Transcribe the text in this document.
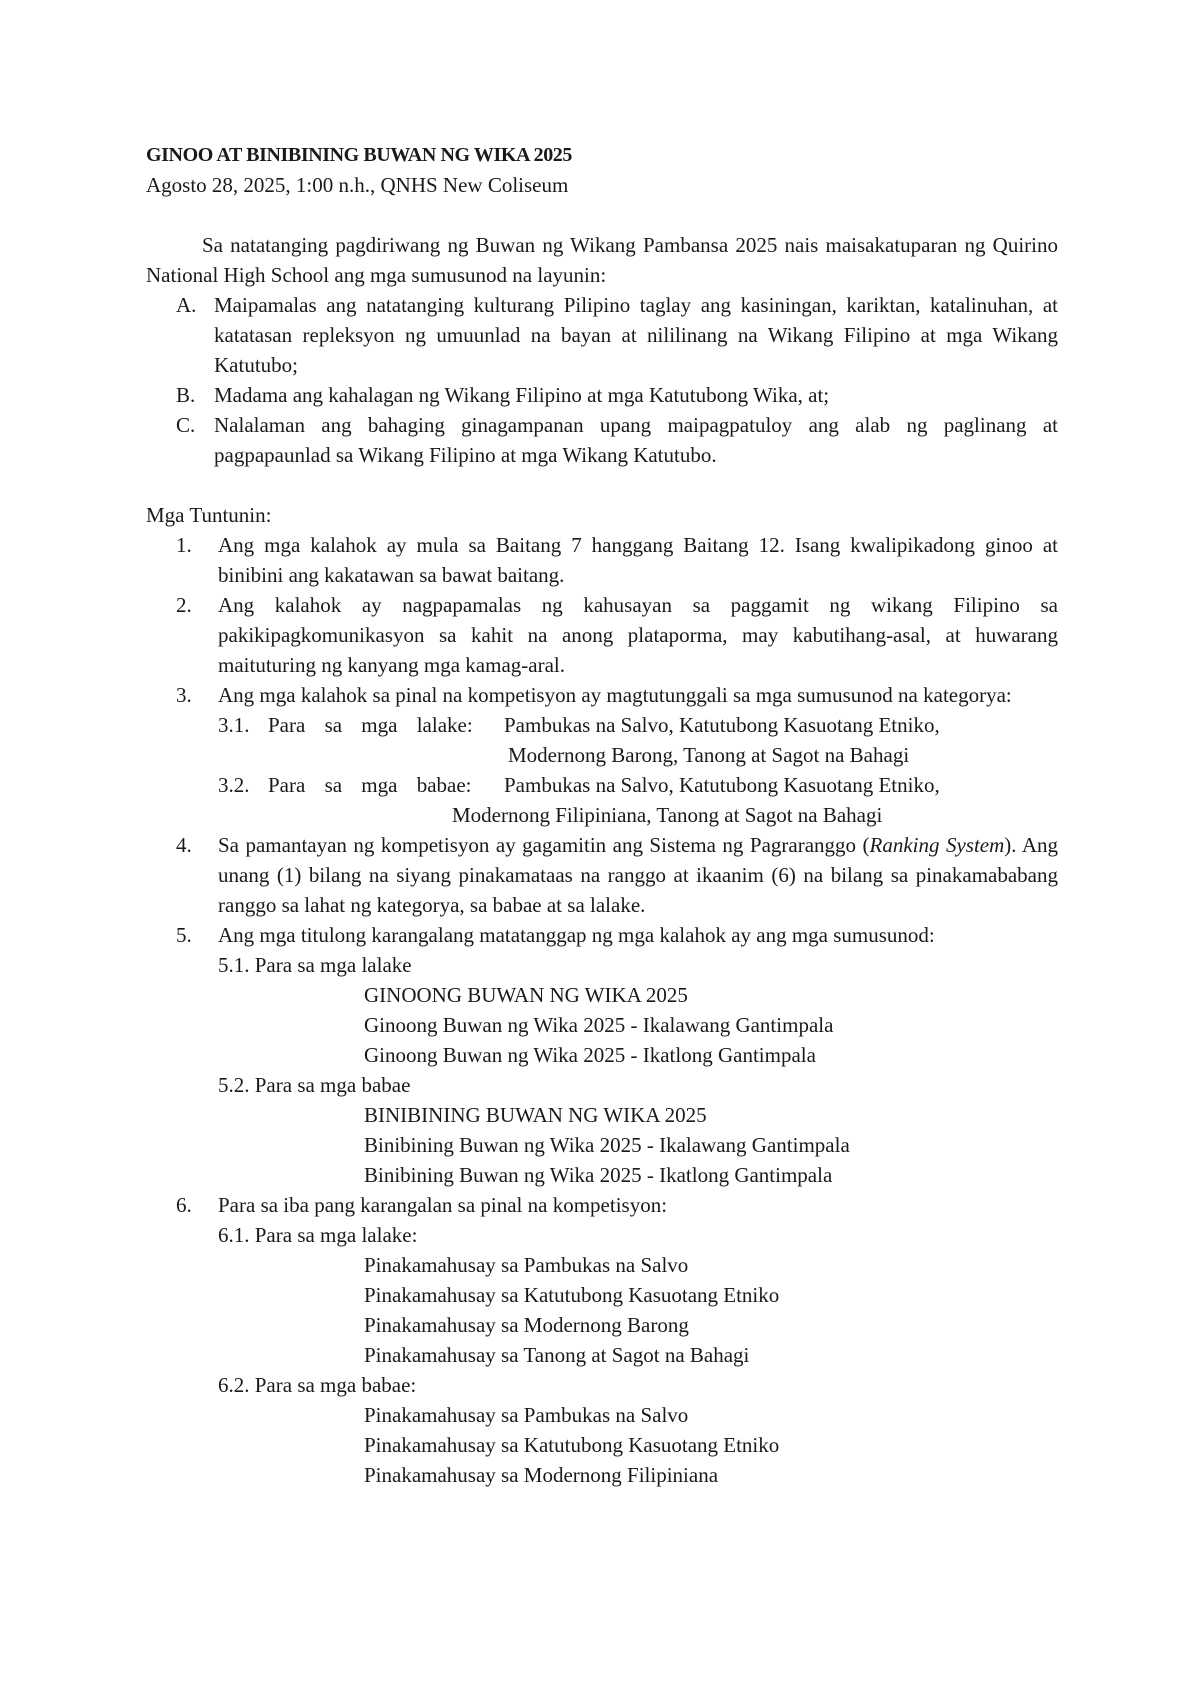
GINOO AT BINIBINING BUWAN NG WIKA 2025
Agosto 28, 2025, 1:00 n.h., QNHS New Coliseum
Sa natatanging pagdiriwang ng Buwan ng Wikang Pambansa 2025 nais maisakatuparan ng Quirino National High School ang mga sumusunod na layunin:
A. Maipamalas ang natatanging kulturang Pilipino taglay ang kasiningan, kariktan, katalinuhan, at katatasan repleksyon ng umuunlad na bayan at nililinang na Wikang Filipino at mga Wikang Katutubo;
B. Madama ang kahalagan ng Wikang Filipino at mga Katutubong Wika, at;
C. Nalalaman ang bahaging ginagampanan upang maipagpatuloy ang alab ng paglinang at pagpapaunlad sa Wikang Filipino at mga Wikang Katutubo.
Mga Tuntunin:
1.	Ang mga kalahok ay mula sa Baitang 7 hanggang Baitang 12. Isang kwalipikadong ginoo at binibini ang kakatawan sa bawat baitang.
2.	Ang kalahok ay nagpapamalas ng kahusayan sa paggamit ng wikang Filipino sa pakikipagkomunikasyon sa kahit na anong plataporma, may kabutihang-asal, at huwarang maituturing ng kanyang mga kamag-aral.
3.	Ang mga kalahok sa pinal na kompetisyon ay magtutunggali sa mga sumusunod na kategorya:
3.1. Para sa mga lalake:	Pambukas na Salvo, Katutubong Kasuotang Etniko,
Modernong Barong, Tanong at Sagot na Bahagi
3.2. Para sa mga babae:	Pambukas na Salvo, Katutubong Kasuotang Etniko,
Modernong Filipiniana, Tanong at Sagot na Bahagi
4.	Sa pamantayan ng kompetisyon ay gagamitin ang Sistema ng Pagraranggo (Ranking System). Ang unang (1) bilang na siyang pinakamataas na ranggo at ikaanim (6) na bilang sa pinakamababang ranggo sa lahat ng kategorya, sa babae at sa lalake.
5.	Ang mga titulong karangalang matatanggap ng mga kalahok ay ang mga sumusunod:
5.1. Para sa mga lalake
GINOONG BUWAN NG WIKA 2025
Ginoong Buwan ng Wika 2025 - Ikalawang Gantimpala
Ginoong Buwan ng Wika 2025 - Ikatlong Gantimpala
5.2. Para sa mga babae
BINIBINING BUWAN NG WIKA 2025
Binibining Buwan ng Wika 2025 - Ikalawang Gantimpala
Binibining Buwan ng Wika 2025 - Ikatlong Gantimpala
6.	Para sa iba pang karangalan sa pinal na kompetisyon:
6.1. Para sa mga lalake:
Pinakamahusay sa Pambukas na Salvo
Pinakamahusay sa Katutubong Kasuotang Etniko
Pinakamahusay sa Modernong Barong
Pinakamahusay sa Tanong at Sagot na Bahagi
6.2. Para sa mga babae:
Pinakamahusay sa Pambukas na Salvo
Pinakamahusay sa Katutubong Kasuotang Etniko
Pinakamahusay sa Modernong Filipiniana
